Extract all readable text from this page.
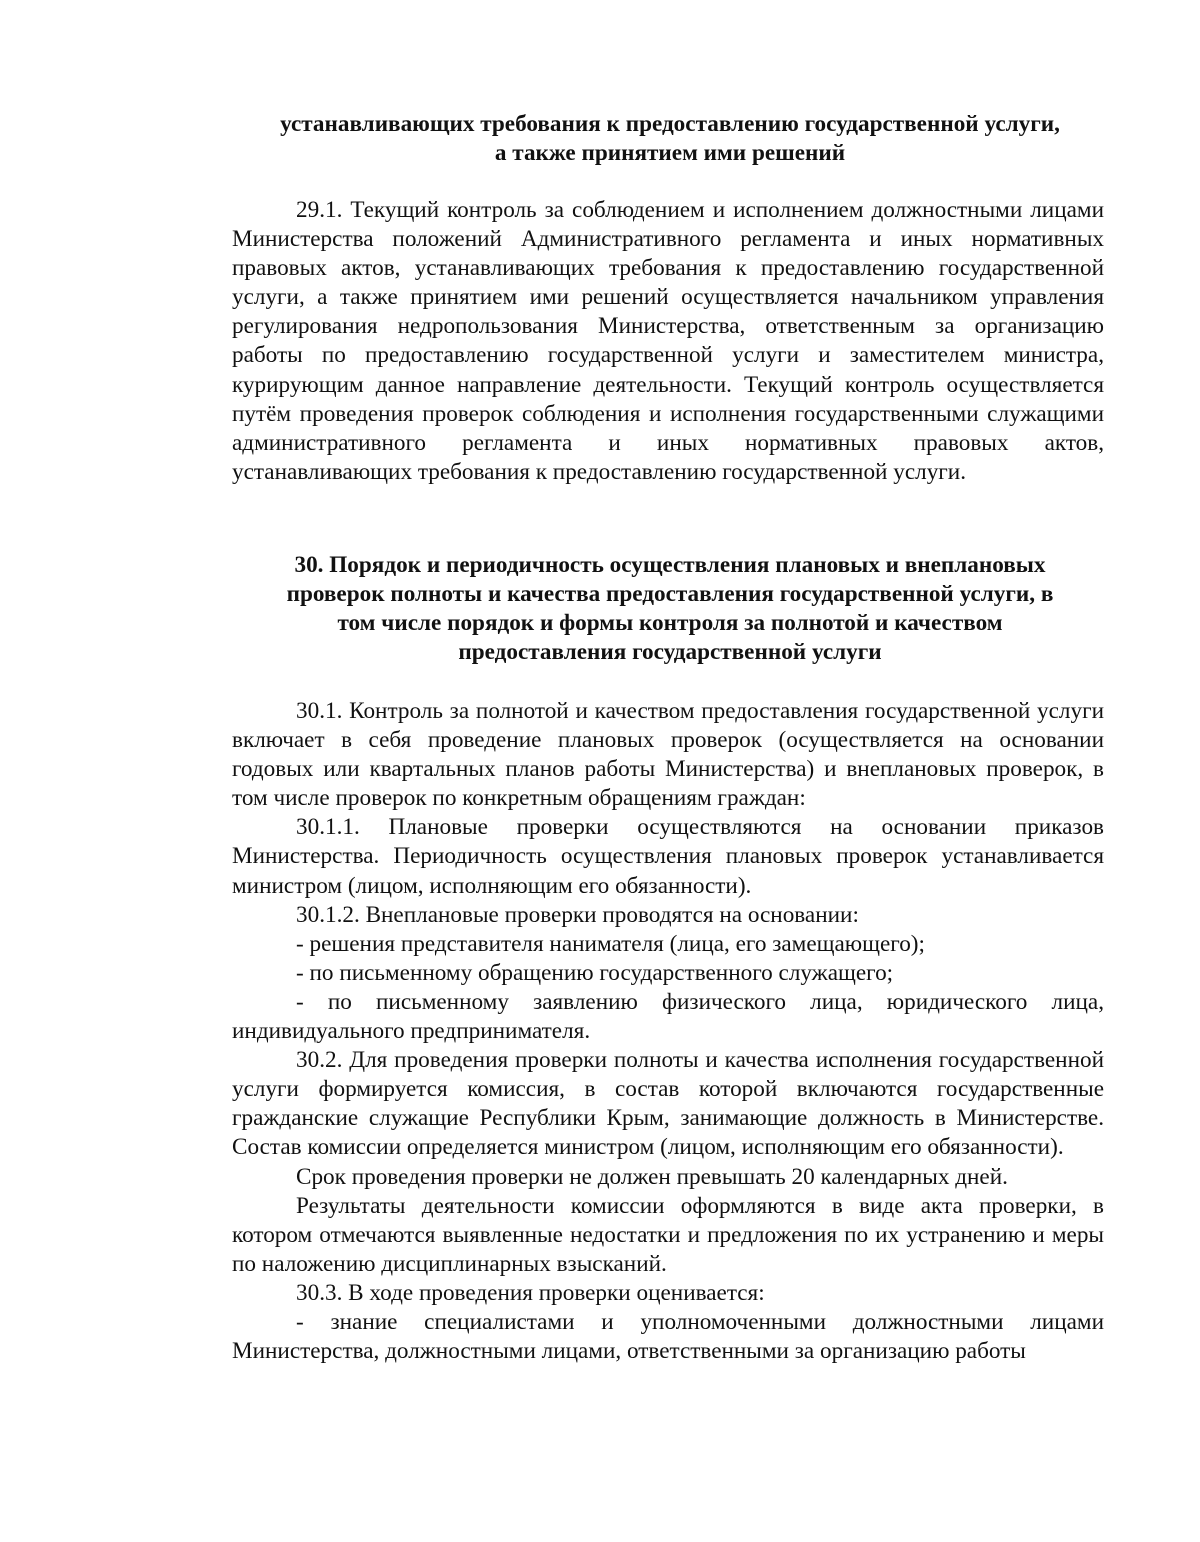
устанавливающих требования к предоставлению государственной услуги,
а также принятием ими решений

29.1. Текущий контроль за соблюдением и исполнением должностными лицами Министерства положений Административного регламента и иных нормативных правовых актов, устанавливающих требования к предоставлению государственной услуги, а также принятием ими решений осуществляется начальником управления регулирования недропользования Министерства, ответственным за организацию работы по предоставлению государственной услуги и заместителем министра, курирующим данное направление деятельности. Текущий контроль осуществляется путём проведения проверок соблюдения и исполнения государственными служащими административного регламента и иных нормативных правовых актов, устанавливающих требования к предоставлению государственной услуги.

30. Порядок и периодичность осуществления плановых и внеплановых
проверок полноты и качества предоставления государственной услуги, в
том числе порядок и формы контроля за полнотой и качеством
предоставления государственной услуги

30.1. Контроль за полнотой и качеством предоставления государственной услуги включает в себя проведение плановых проверок (осуществляется на основании годовых или квартальных планов работы Министерства) и внеплановых проверок, в том числе проверок по конкретным обращениям граждан:

30.1.1. Плановые проверки осуществляются на основании приказов Министерства. Периодичность осуществления плановых проверок устанавливается министром (лицом, исполняющим его обязанности).

30.1.2. Внеплановые проверки проводятся на основании:

- решения представителя нанимателя (лица, его замещающего);

- по письменному обращению государственного служащего;

- по письменному заявлению физического лица, юридического лица, индивидуального предпринимателя.

30.2. Для проведения проверки полноты и качества исполнения государственной услуги формируется комиссия, в состав которой включаются государственные гражданские служащие Республики Крым, занимающие должность в Министерстве. Состав комиссии определяется министром (лицом, исполняющим его обязанности).

Срок проведения проверки не должен превышать 20 календарных дней.

Результаты деятельности комиссии оформляются в виде акта проверки, в котором отмечаются выявленные недостатки и предложения по их устранению и меры по наложению дисциплинарных взысканий.

30.3. В ходе проведения проверки оценивается:

- знание специалистами и уполномоченными должностными лицами Министерства, должностными лицами, ответственными за организацию работы
